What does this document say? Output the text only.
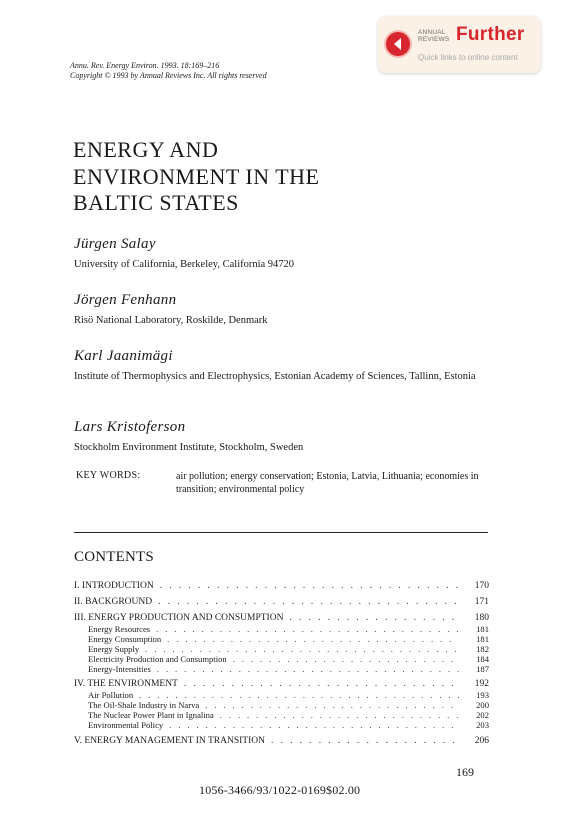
ANNUAL
REVIEWS Further
Quick links to online content
Annu. Rev. Energy Environ. 1993. 18:169–216
Copyright © 1993 by Annual Reviews Inc. All rights reserved
ENERGY AND
ENVIRONMENT IN THE
BALTIC STATES
Jürgen Salay
University of California, Berkeley, California 94720
Jörgen Fenhann
Risö National Laboratory, Roskilde, Denmark
Karl Jaanimägi
Institute of Thermophysics and Electrophysics, Estonian Academy of Sciences, Tallinn, Estonia
Lars Kristoferson
Stockholm Environment Institute, Stockholm, Sweden
KEY WORDS:	air pollution; energy conservation; Estonia, Latvia, Lithuania; economies in
transition; environmental policy
CONTENTS
I. INTRODUCTION . . .	170
II. BACKGROUND . . .	171
III. ENERGY PRODUCTION AND CONSUMPTION . . .	180
Energy Resources . . .	181
Energy Consumption . . .	181
Energy Supply . . .	182
Electricity Production and Consumption . . .	184
Energy-Intensities . . .	187
IV. THE ENVIRONMENT . . .	192
Air Pollution . . .	193
The Oil-Shale Industry in Narva . . .	200
The Nuclear Power Plant in Ignalina . . .	202
Environmental Policy . . .	203
V. ENERGY MANAGEMENT IN TRANSITION . . .	206
169
1056-3466/93/1022-0169$02.00
